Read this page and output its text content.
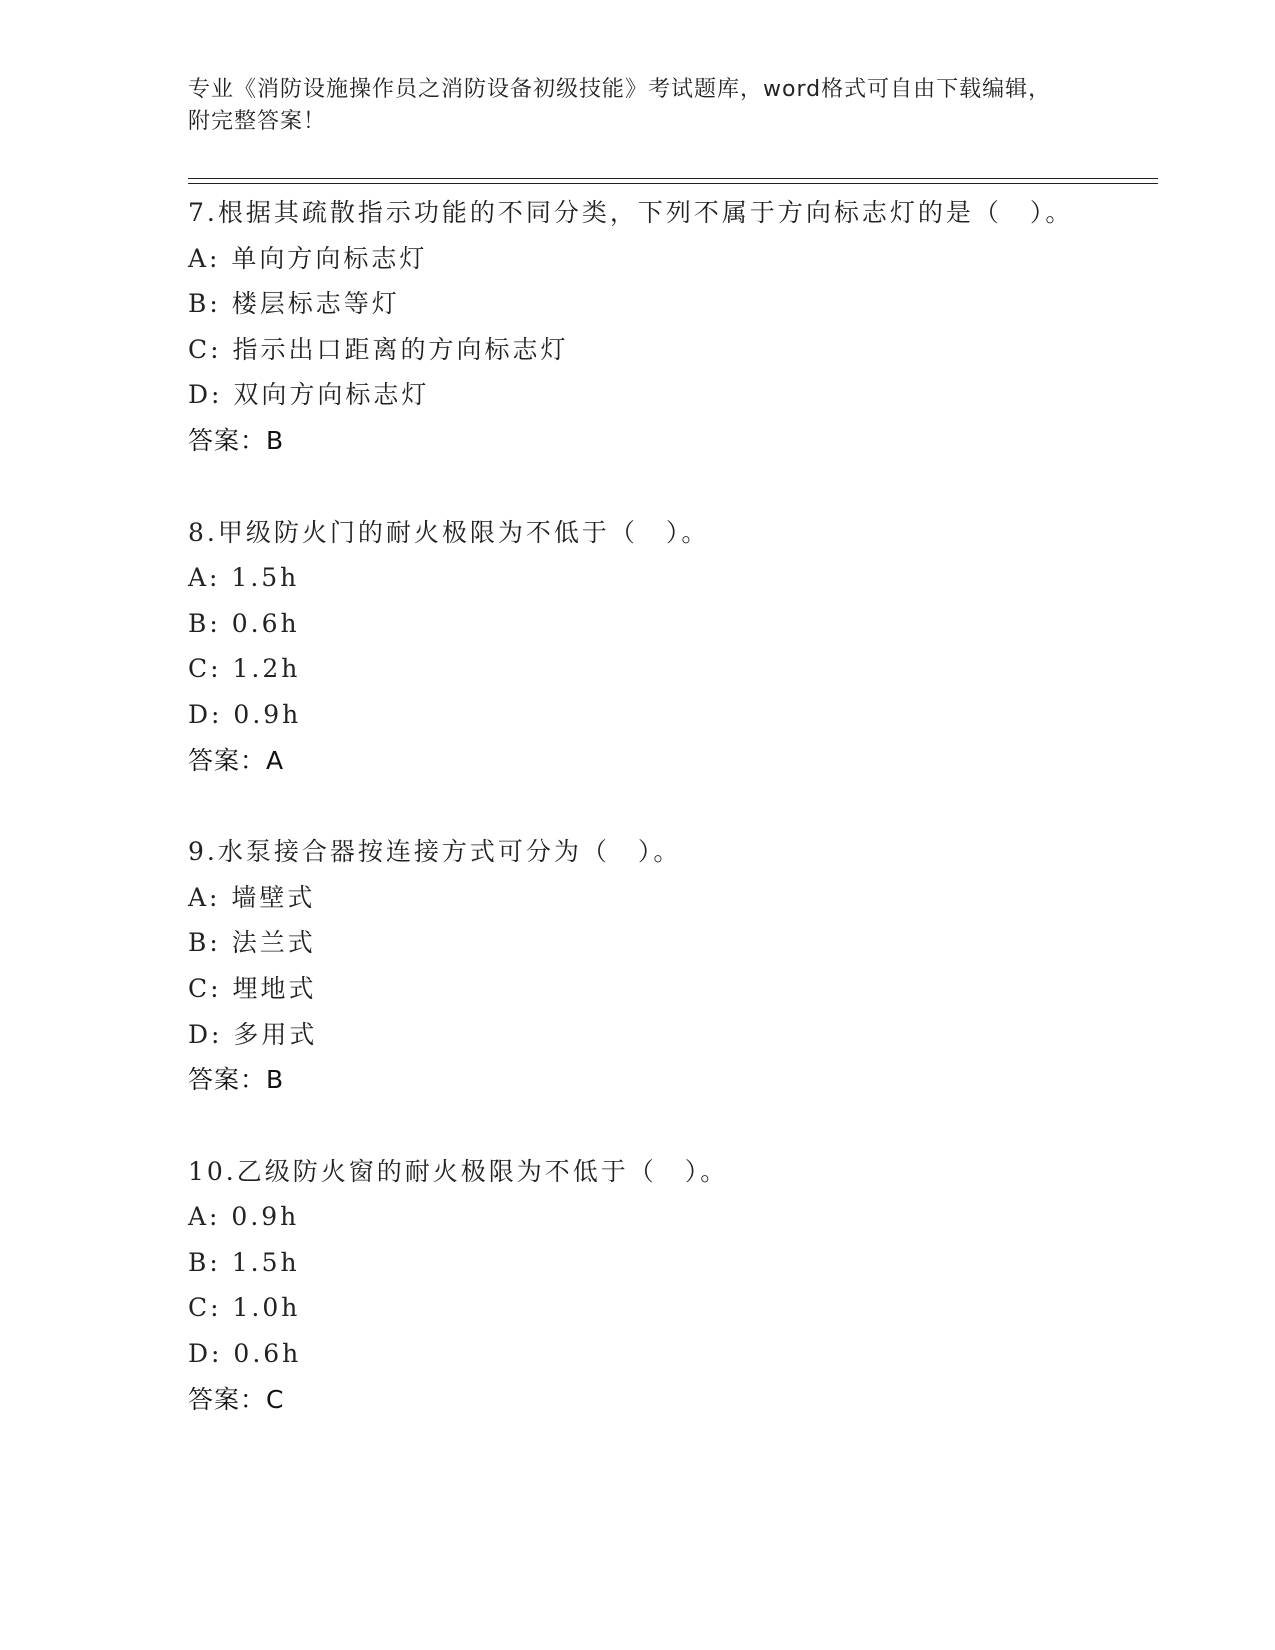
专业《消防设施操作员之消防设备初级技能》考试题库，word格式可自由下载编辑，附完整答案！
7.根据其疏散指示功能的不同分类，下列不属于方向标志灯的是（　）。
A: 单向方向标志灯
B: 楼层标志等灯
C: 指示出口距离的方向标志灯
D: 双向方向标志灯
答案：B
8.甲级防火门的耐火极限为不低于（　）。
A: 1.5h
B: 0.6h
C: 1.2h
D: 0.9h
答案：A
9.水泵接合器按连接方式可分为（　）。
A: 墙壁式
B: 法兰式
C: 埋地式
D: 多用式
答案：B
10.乙级防火窗的耐火极限为不低于（　）。
A: 0.9h
B: 1.5h
C: 1.0h
D: 0.6h
答案：C
